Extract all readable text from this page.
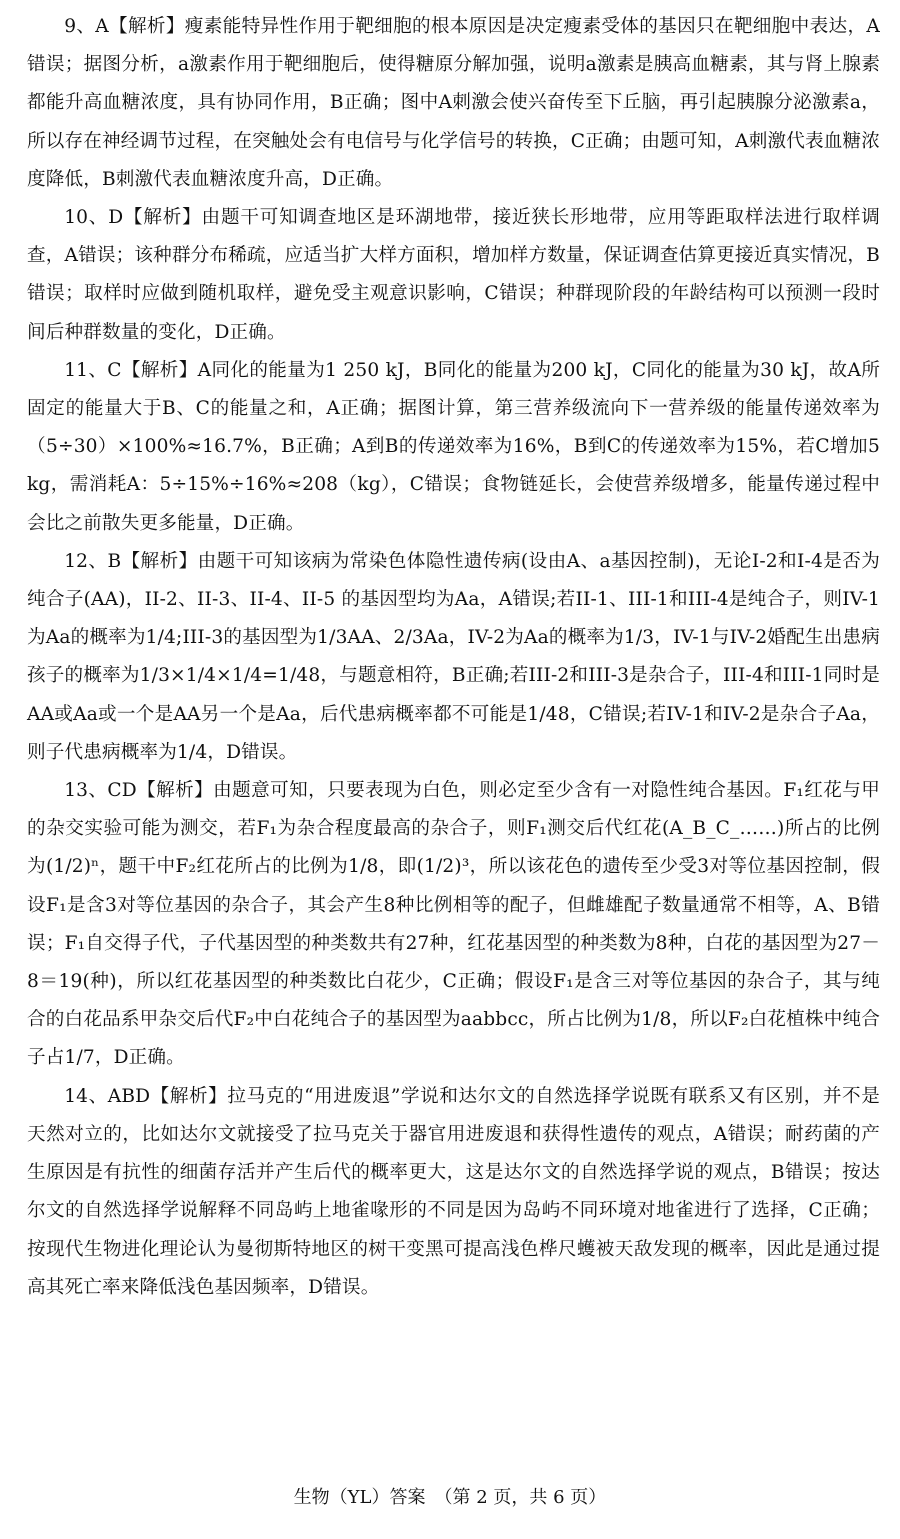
9、A【解析】瘦素能特异性作用于靶细胞的根本原因是决定瘦素受体的基因只在靶细胞中表达，A错误；据图分析，a激素作用于靶细胞后，使得糖原分解加强，说明a激素是胰高血糖素，其与肾上腺素都能升高血糖浓度，具有协同作用，B正确；图中A刺激会使兴奋传至下丘脑，再引起胰腺分泌激素a，所以存在神经调节过程，在突触处会有电信号与化学信号的转换，C正确；由题可知，A刺激代表血糖浓度降低，B刺激代表血糖浓度升高，D正确。

10、D【解析】由题干可知调查地区是环湖地带，接近狭长形地带，应用等距取样法进行取样调查，A错误；该种群分布稀疏，应适当扩大样方面积，增加样方数量，保证调查估算更接近真实情况，B错误；取样时应做到随机取样，避免受主观意识影响，C错误；种群现阶段的年龄结构可以预测一段时间后种群数量的变化，D正确。

11、C【解析】A同化的能量为1 250 kJ，B同化的能量为200 kJ，C同化的能量为30 kJ，故A所固定的能量大于B、C的能量之和，A正确；据图计算，第三营养级流向下一营养级的能量传递效率为（5÷30）×100%≈16.7%，B正确；A到B的传递效率为16%，B到C的传递效率为15%，若C增加5 kg，需消耗A：5÷15%÷16%≈208（kg），C错误；食物链延长，会使营养级增多，能量传递过程中会比之前散失更多能量，D正确。

12、B【解析】由题干可知该病为常染色体隐性遗传病(设由A、a基因控制)，无论I-2和I-4是否为纯合子(AA)，II-2、II-3、II-4、II-5 的基因型均为Aa，A错误;若II-1、III-1和III-4是纯合子，则IV-1为Aa的概率为1/4;III-3的基因型为1/3AA、2/3Aa，IV-2为Aa的概率为1/3，IV-1与IV-2婚配生出患病孩子的概率为1/3×1/4×1/4=1/48，与题意相符，B正确;若III-2和III-3是杂合子，III-4和III-1同时是AA或Aa或一个是AA另一个是Aa，后代患病概率都不可能是1/48，C错误;若IV-1和IV-2是杂合子Aa，则子代患病概率为1/4，D错误。

13、CD【解析】由题意可知，只要表现为白色，则必定至少含有一对隐性纯合基因。F₁红花与甲的杂交实验可能为测交，若F₁为杂合程度最高的杂合子，则F₁测交后代红花(A_B_C_……)所占的比例为(1/2)ⁿ，题干中F₂红花所占的比例为1/8，即(1/2)³，所以该花色的遗传至少受3对等位基因控制，假设F₁是含3对等位基因的杂合子，其会产生8种比例相等的配子，但雌雄配子数量通常不相等，A、B错误；F₁自交得子代，子代基因型的种类数共有27种，红花基因型的种类数为8种，白花的基因型为27－8＝19(种)，所以红花基因型的种类数比白花少，C正确；假设F₁是含三对等位基因的杂合子，其与纯合的白花品系甲杂交后代F₂中白花纯合子的基因型为aabbcc，所占比例为1/8，所以F₂白花植株中纯合子占1/7，D正确。

14、ABD【解析】拉马克的“用进废退”学说和达尔文的自然选择学说既有联系又有区别，并不是天然对立的，比如达尔文就接受了拉马克关于器官用进废退和获得性遗传的观点，A错误；耐药菌的产生原因是有抗性的细菌存活并产生后代的概率更大，这是达尔文的自然选择学说的观点，B错误；按达尔文的自然选择学说解释不同岛屿上地雀喙形的不同是因为岛屿不同环境对地雀进行了选择，C正确；按现代生物进化理论认为曼彻斯特地区的树干变黑可提高浅色桦尺蠖被天敌发现的概率，因此是通过提高其死亡率来降低浅色基因频率，D错误。

生物（YL）答案　（第 2 页，共 6 页）
